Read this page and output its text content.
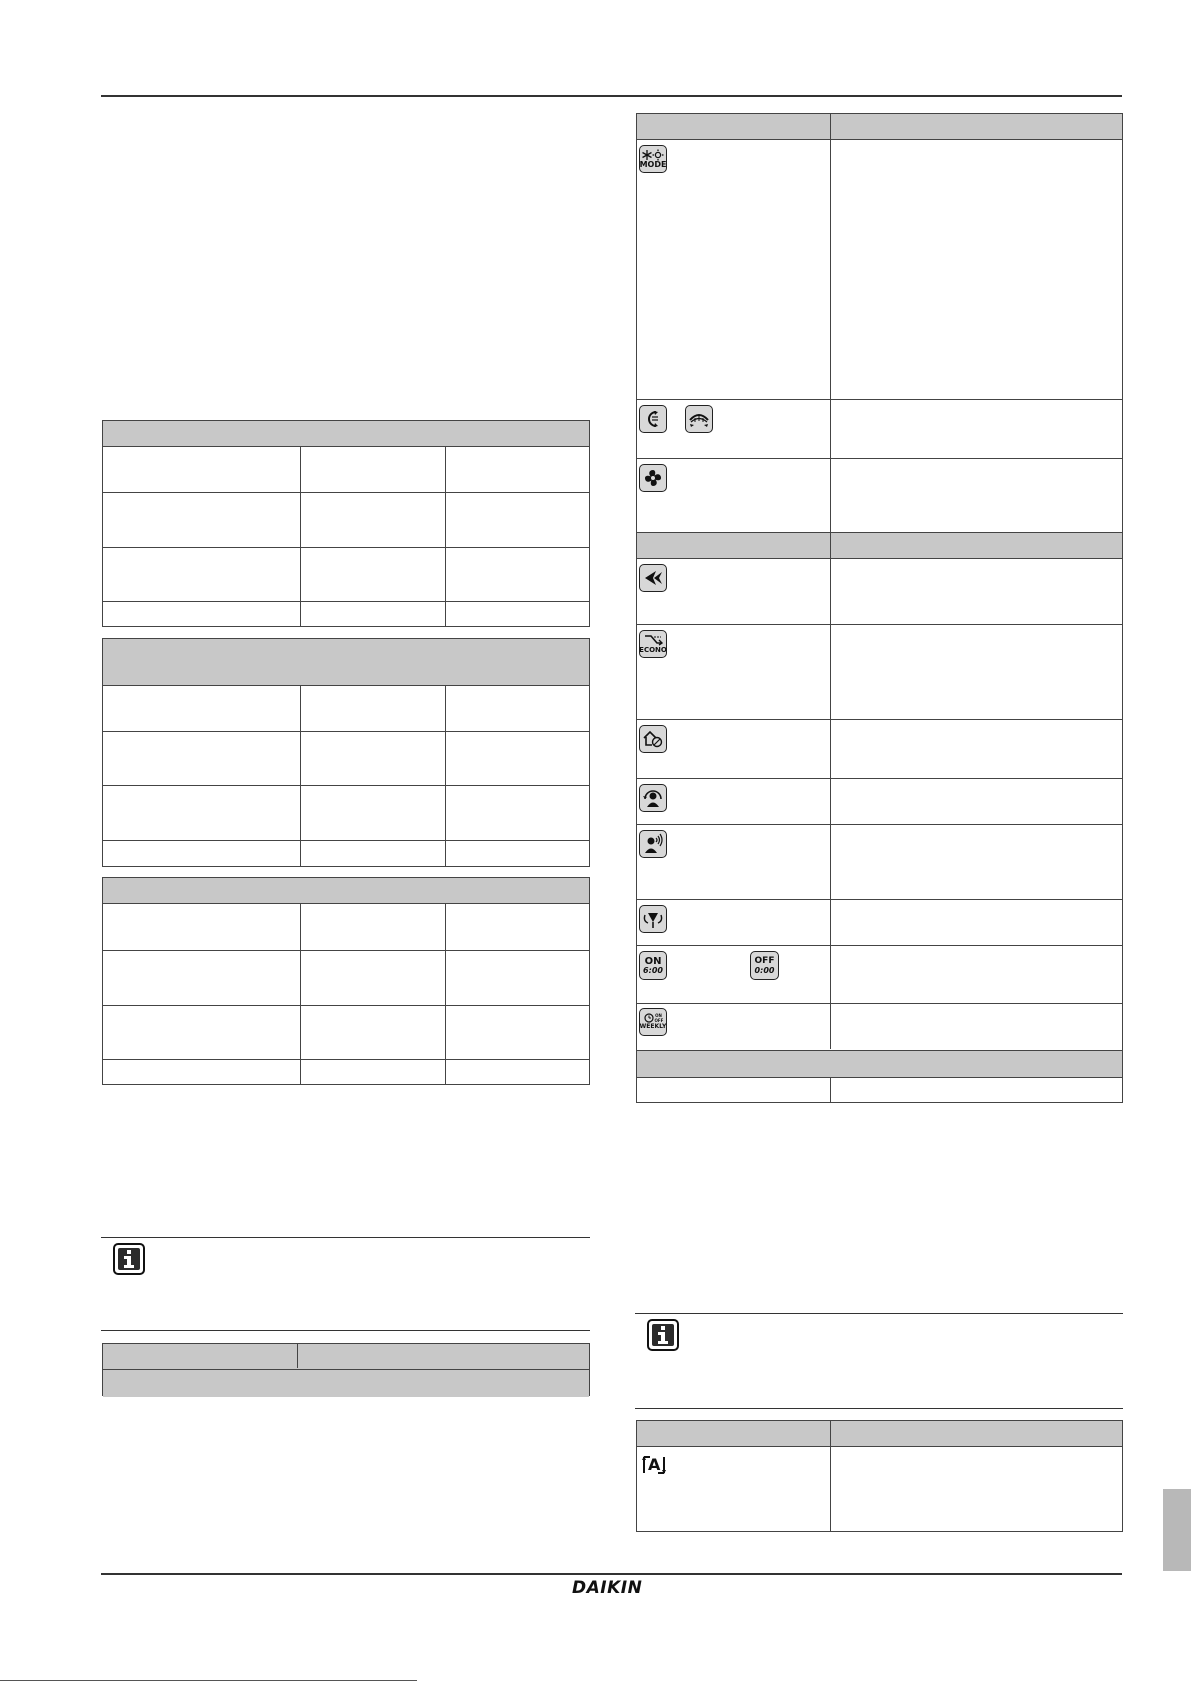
MODE
ECONO
ON
6:00
OFF
0:00
ON OFF
WEEKLY
A
DAIKIN
